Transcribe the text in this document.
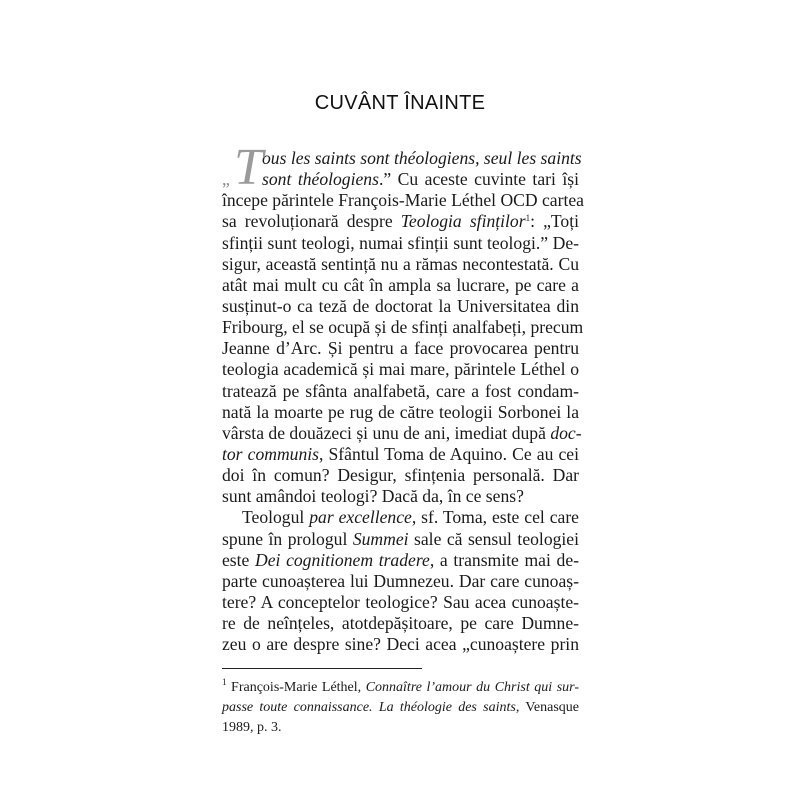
CUVÂNT ÎNAINTE
T
„
ous les saints sont théologiens, seul les saints
sont théologiens.” Cu aceste cuvinte tari își
începe părintele François-Marie Léthel OCD cartea
sa revoluționară despre Teologia sfinților$^1$: „Toți
sfinții sunt teologi, numai sfinții sunt teologi.” De-
sigur, această sentință nu a rămas necontestată. Cu
atât mai mult cu cât în ampla sa lucrare, pe care a
susținut-o ca teză de doctorat la Universitatea din
Fribourg, el se ocupă și de sfinți analfabeți, precum
Jeanne d’Arc. Și pentru a face provocarea pentru
teologia academică și mai mare, părintele Léthel o
tratează pe sfânta analfabetă, care a fost condam-
nată la moarte pe rug de către teologii Sorbonei la
vârsta de douăzeci și unu de ani, imediat după doc-
tor communis, Sfântul Toma de Aquino. Ce au cei
doi în comun? Desigur, sfințenia personală. Dar
sunt amândoi teologi? Dacă da, în ce sens?
Teologul par excellence, sf. Toma, este cel care
spune în prologul Summei sale că sensul teologiei
este Dei cognitionem tradere, a transmite mai de-
parte cunoașterea lui Dumnezeu. Dar care cunoaș-
tere? A conceptelor teologice? Sau acea cunoaște-
re de neînțeles, atotdepășitoare, pe care Dumne-
zeu o are despre sine? Deci acea „cunoaștere prin
$^1$ François-Marie Léthel, Connaître l’amour du Christ qui sur-
passe toute connaissance. La théologie des saints, Venasque
1989, p. 3.
